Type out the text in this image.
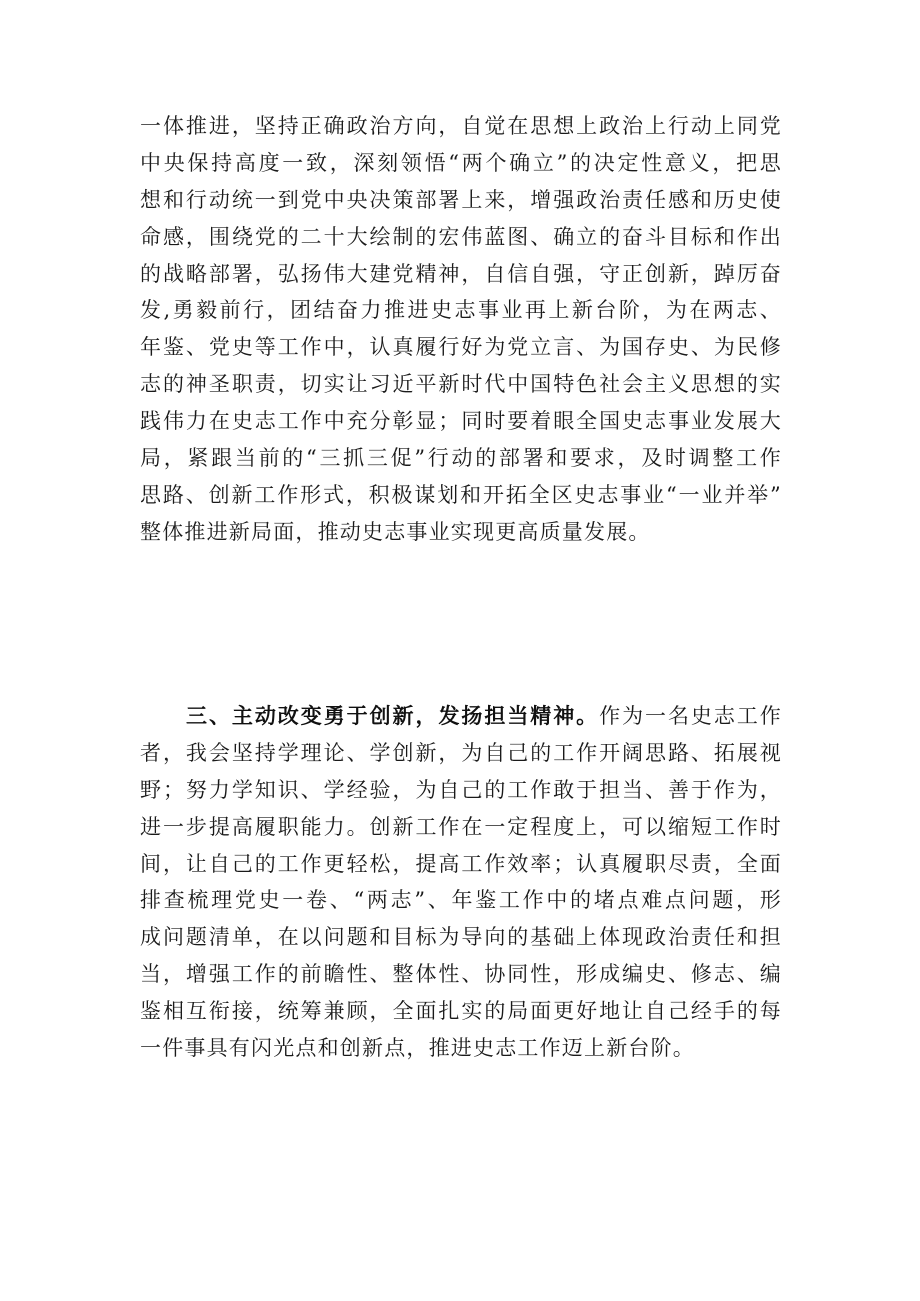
一体推进，坚持正确政治方向，自觉在思想上政治上行动上同党
中央保持高度一致，深刻领悟“两个确立”的决定性意义，把思
想和行动统一到党中央决策部署上来，增强政治责任感和历史使
命感，围绕党的二十大绘制的宏伟蓝图、确立的奋斗目标和作出
的战略部署，弘扬伟大建党精神，自信自强，守正创新，踔厉奋
发,勇毅前行，团结奋力推进史志事业再上新台阶，为在两志、
年鉴、党史等工作中，认真履行好为党立言、为国存史、为民修
志的神圣职责，切实让习近平新时代中国特色社会主义思想的实
践伟力在史志工作中充分彰显；同时要着眼全国史志事业发展大
局，紧跟当前的“三抓三促”行动的部署和要求，及时调整工作
思路、创新工作形式，积极谋划和开拓全区史志事业“一业并举”
整体推进新局面，推动史志事业实现更高质量发展。
三、主动改变勇于创新，发扬担当精神。作为一名史志工作
者，我会坚持学理论、学创新，为自己的工作开阔思路、拓展视
野；努力学知识、学经验，为自己的工作敢于担当、善于作为，
进一步提高履职能力。创新工作在一定程度上，可以缩短工作时
间，让自己的工作更轻松，提高工作效率；认真履职尽责，全面
排查梳理党史一卷、“两志”、年鉴工作中的堵点难点问题，形
成问题清单，在以问题和目标为导向的基础上体现政治责任和担
当，增强工作的前瞻性、整体性、协同性，形成编史、修志、编
鉴相互衔接，统筹兼顾，全面扎实的局面更好地让自己经手的每
一件事具有闪光点和创新点，推进史志工作迈上新台阶。
